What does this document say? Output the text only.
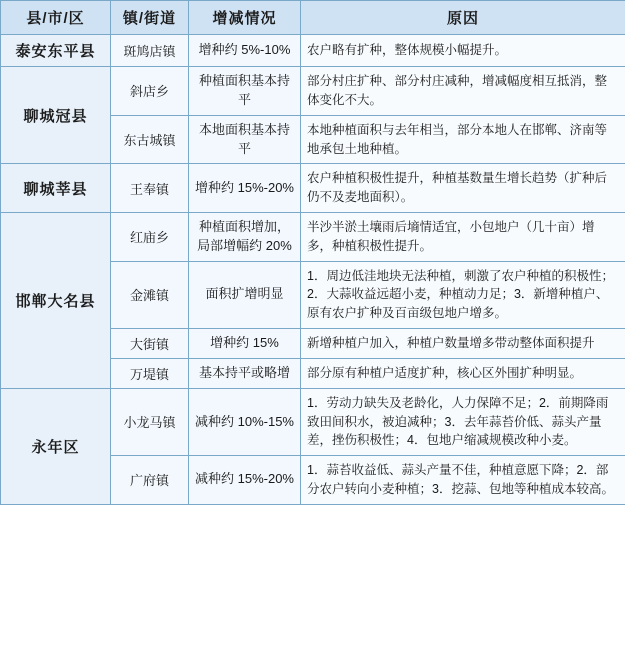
县/市/区	镇/街道	增减情况	原因
泰安东平县	斑鸠店镇	增种约 5%-10%	农户略有扩种，整体规模小幅提升。
聊城冠县	斜店乡	种植面积基本持平	部分村庄扩种、部分村庄减种，增减幅度相互抵消，整体变化不大。
	东古城镇	本地面积基本持平	本地种植面积与去年相当，部分本地人在邯郸、济南等地承包土地种植。
聊城莘县	王奉镇	增种约 15%-20%	农户种植积极性提升，种植基数量生增长趋势（扩种后仍不及麦地面积）。
邯郸大名县	红庙乡	种植面积增加，局部增幅约 20%	半沙半淤土壤雨后墒情适宜，小包地户（几十亩）增多，种植积极性提升。
	金滩镇	面积扩增明显	1．周边低洼地块无法种植，刺激了农户种植的积极性；2．大蒜收益远超小麦，种植动力足；3．新增种植户、原有农户扩种及百亩级包地户增多。
	大街镇	增种约 15%	新增种植户加入，种植户数量增多带动整体面积提升
	万堤镇	基本持平或略增	部分原有种植户适度扩种，核心区外围扩种明显。
永年区	小龙马镇	减种约 10%-15%	1．劳动力缺失及老龄化，人力保障不足；2．前期降雨致田间积水，被迫减种；3．去年蒜苔价低、蒜头产量差，挫伤积极性；4．包地户缩减规模改种小麦。
	广府镇	减种约 15%-20%	1．蒜苔收益低、蒜头产量不佳，种植意愿下降；2．部分农户转向小麦种植；3．挖蒜、包地等种植成本较高。
